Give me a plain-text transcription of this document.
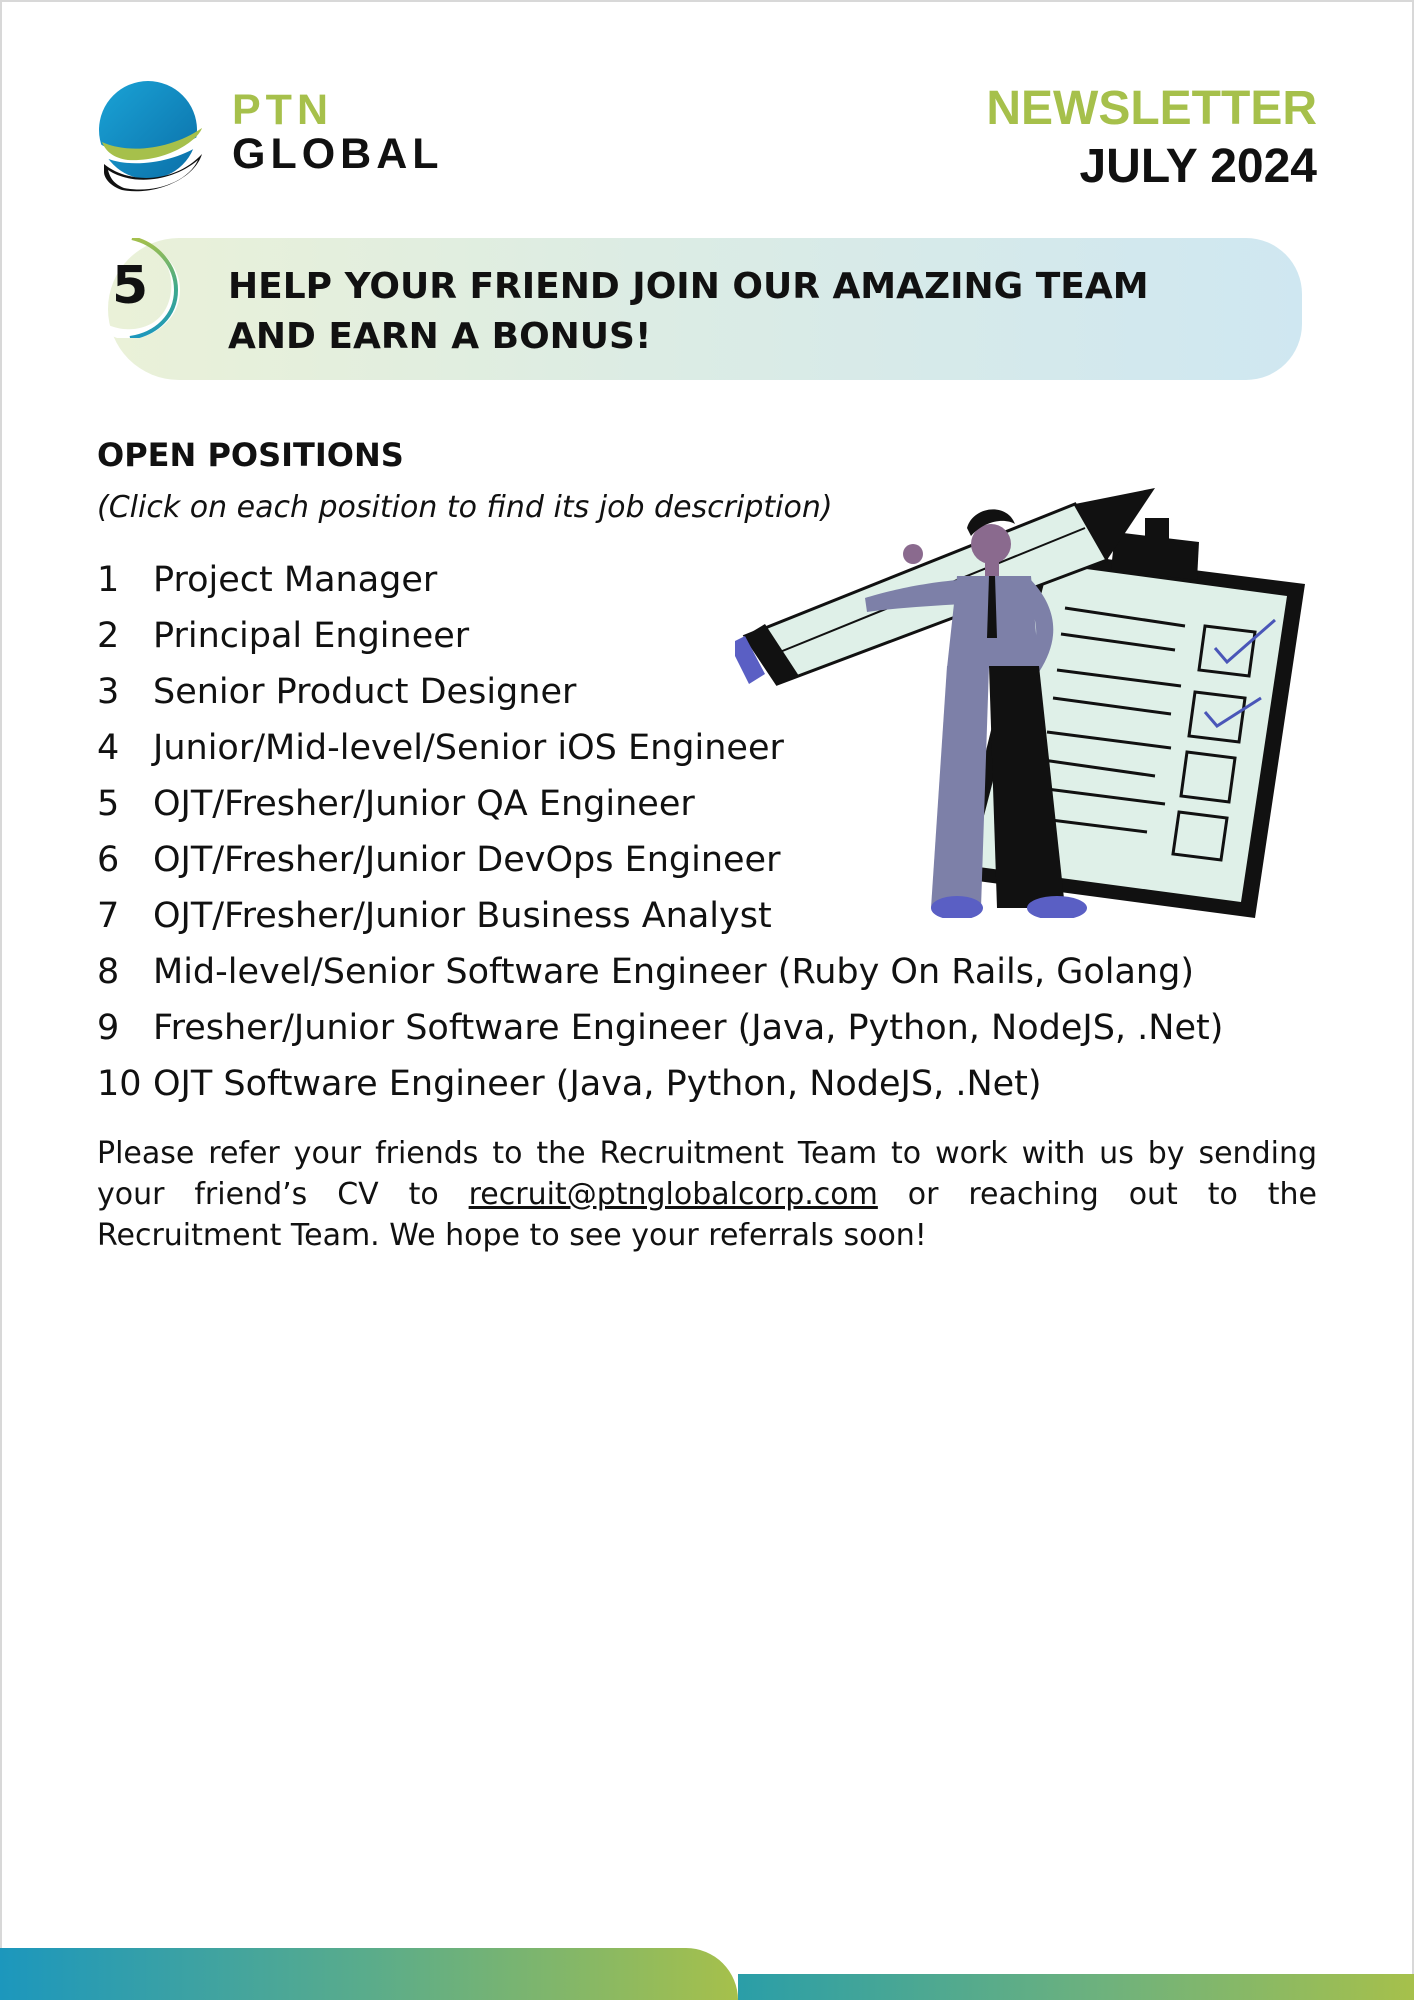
PTN
GLOBAL
NEWSLETTER
JULY 2024
5 HELP YOUR FRIEND JOIN OUR AMAZING TEAM
AND EARN A BONUS!
OPEN POSITIONS
(Click on each position to find its job description)
1 Project Manager
2 Principal Engineer
3 Senior Product Designer
4 Junior/Mid-level/Senior iOS Engineer
5 OJT/Fresher/Junior QA Engineer
6 OJT/Fresher/Junior DevOps Engineer
7 OJT/Fresher/Junior Business Analyst
8 Mid-level/Senior Software Engineer (Ruby On Rails, Golang)
9 Fresher/Junior Software Engineer (Java, Python, NodeJS, .Net)
10 OJT Software Engineer (Java, Python, NodeJS, .Net)

Please refer your friends to the Recruitment Team to work with us by sending your friend’s CV to recruit@ptnglobalcorp.com or reaching out to the Recruitment Team. We hope to see your referrals soon!
